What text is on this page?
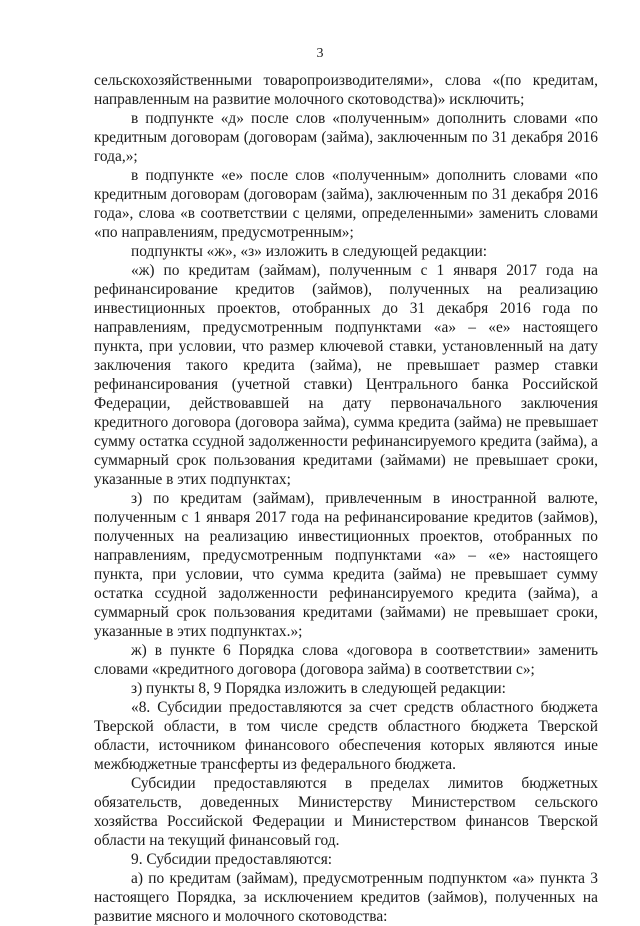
3

сельскохозяйственными товаропроизводителями», слова «(по кредитам, направленным на развитие молочного скотоводства)» исключить;

в подпункте «д» после слов «полученным» дополнить словами «по кредитным договорам (договорам (займа), заключенным по 31 декабря 2016 года,»;

в подпункте «е» после слов «полученным» дополнить словами «по кредитным договорам (договорам (займа), заключенным по 31 декабря 2016 года», слова «в соответствии с целями, определенными» заменить словами «по направлениям, предусмотренным»;

подпункты «ж», «з» изложить в следующей редакции:

«ж) по кредитам (займам), полученным с 1 января 2017 года на рефинансирование кредитов (займов), полученных на реализацию инвестиционных проектов, отобранных до 31 декабря 2016 года по направлениям, предусмотренным подпунктами «а» – «е» настоящего пункта, при условии, что размер ключевой ставки, установленный на дату заключения такого кредита (займа), не превышает размер ставки рефинансирования (учетной ставки) Центрального банка Российской Федерации, действовавшей на дату первоначального заключения кредитного договора (договора займа), сумма кредита (займа) не превышает сумму остатка ссудной задолженности рефинансируемого кредита (займа), а суммарный срок пользования кредитами (займами) не превышает сроки, указанные в этих подпунктах;

з) по кредитам (займам), привлеченным в иностранной валюте, полученным с 1 января 2017 года на рефинансирование кредитов (займов), полученных на реализацию инвестиционных проектов, отобранных по направлениям, предусмотренным подпунктами «а» – «е» настоящего пункта, при условии, что сумма кредита (займа) не превышает сумму остатка ссудной задолженности рефинансируемого кредита (займа), а суммарный срок пользования кредитами (займами) не превышает сроки, указанные в этих подпунктах.»;

ж) в пункте 6 Порядка слова «договора в соответствии» заменить словами «кредитного договора (договора займа) в соответствии с»;

з) пункты 8, 9 Порядка изложить в следующей редакции:

«8. Субсидии предоставляются за счет средств областного бюджета Тверской области, в том числе средств областного бюджета Тверской области, источником финансового обеспечения которых являются иные межбюджетные трансферты из федерального бюджета.

Субсидии предоставляются в пределах лимитов бюджетных обязательств, доведенных Министерству Министерством сельского хозяйства Российской Федерации и Министерством финансов Тверской области на текущий финансовый год.

9. Субсидии предоставляются:

а) по кредитам (займам), предусмотренным подпунктом «а» пункта 3 настоящего Порядка, за исключением кредитов (займов), полученных на развитие мясного и молочного скотоводства:
